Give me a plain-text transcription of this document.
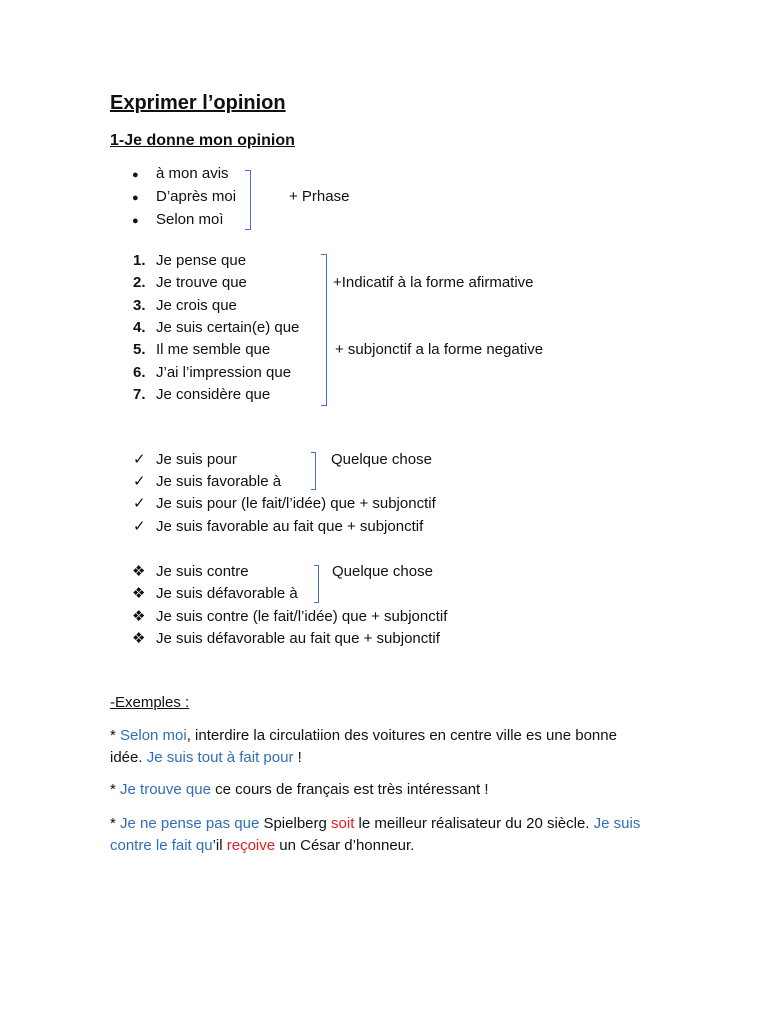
Exprimer l’opinion
1-Je donne mon opinion
● à mon avis
● D’après moi
● Selon moì
+ Prhase
1. Je pense que
2. Je trouve que
3. Je crois que
4. Je suis certain(e) que
5. Il me semble que
6. J’ai l’impression que
7. Je considère que
+Indicatif à la forme afirmative
+ subjonctif a la forme negative
✓ Je suis pour
✓ Je suis favorable à
✓ Je suis pour (le fait/l’idée) que + subjonctif
✓ Je suis favorable au fait que + subjonctif
Quelque chose
❖ Je suis contre
❖ Je suis défavorable à
❖ Je suis contre (le fait/l’idée) que + subjonctif
❖ Je suis défavorable au fait que + subjonctif
Quelque chose
-Exemples :
* Selon moi, interdire la circulatiion des voitures en centre ville es une bonne idée. Je suis tout à fait pour !
* Je trouve que ce cours de français est très intéressant !
* Je ne pense pas que Spielberg soit le meilleur réalisateur du 20 siècle. Je suis contre le fait qu’il reçoive un César d’honneur.
